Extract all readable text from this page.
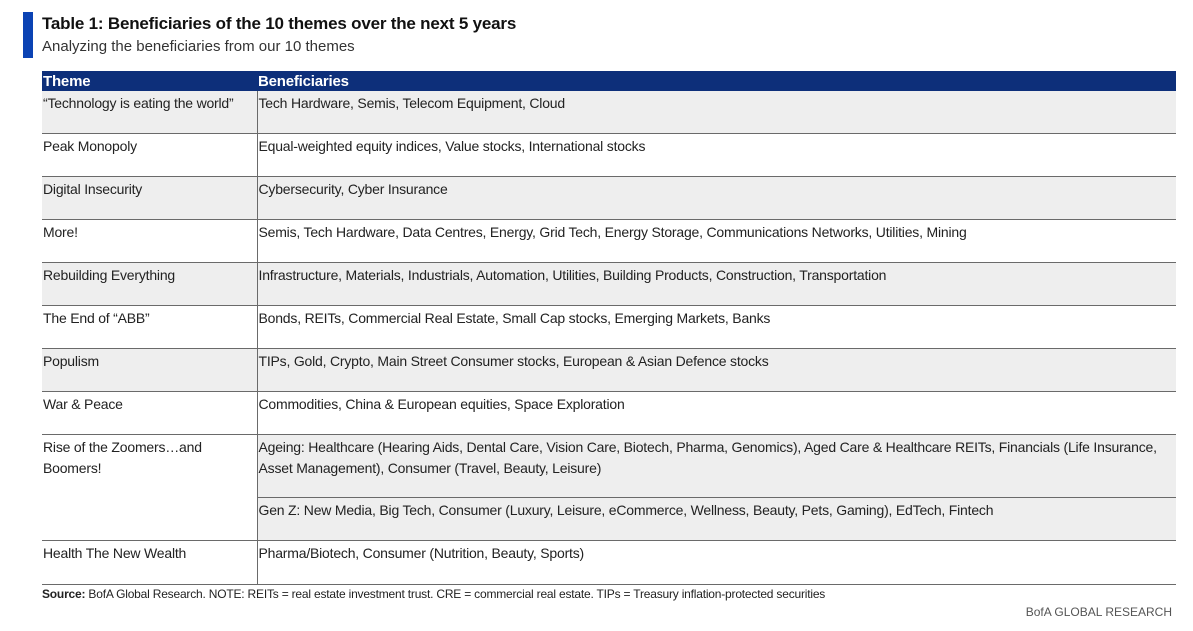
Table 1: Beneficiaries of the 10 themes over the next 5 years
Analyzing the beneficiaries from our 10 themes
Theme	Beneficiaries
“Technology is eating the world”	Tech Hardware, Semis, Telecom Equipment, Cloud
Peak Monopoly	Equal-weighted equity indices, Value stocks, International stocks
Digital Insecurity	Cybersecurity, Cyber Insurance
More!	Semis, Tech Hardware, Data Centres, Energy, Grid Tech, Energy Storage, Communications Networks, Utilities, Mining
Rebuilding Everything	Infrastructure, Materials, Industrials, Automation, Utilities, Building Products, Construction, Transportation
The End of “ABB”	Bonds, REITs, Commercial Real Estate, Small Cap stocks, Emerging Markets, Banks
Populism	TIPs, Gold, Crypto, Main Street Consumer stocks, European & Asian Defence stocks
War & Peace	Commodities, China & European equities, Space Exploration
Rise of the Zoomers…and Boomers!	Ageing: Healthcare (Hearing Aids, Dental Care, Vision Care, Biotech, Pharma, Genomics), Aged Care & Healthcare REITs, Financials (Life Insurance, Asset Management), Consumer (Travel, Beauty, Leisure)
	Gen Z: New Media, Big Tech, Consumer (Luxury, Leisure, eCommerce, Wellness, Beauty, Pets, Gaming), EdTech, Fintech
Health The New Wealth	Pharma/Biotech, Consumer (Nutrition, Beauty, Sports)
Source: BofA Global Research. NOTE: REITs = real estate investment trust. CRE = commercial real estate. TIPs = Treasury inflation-protected securities
BofA GLOBAL RESEARCH
